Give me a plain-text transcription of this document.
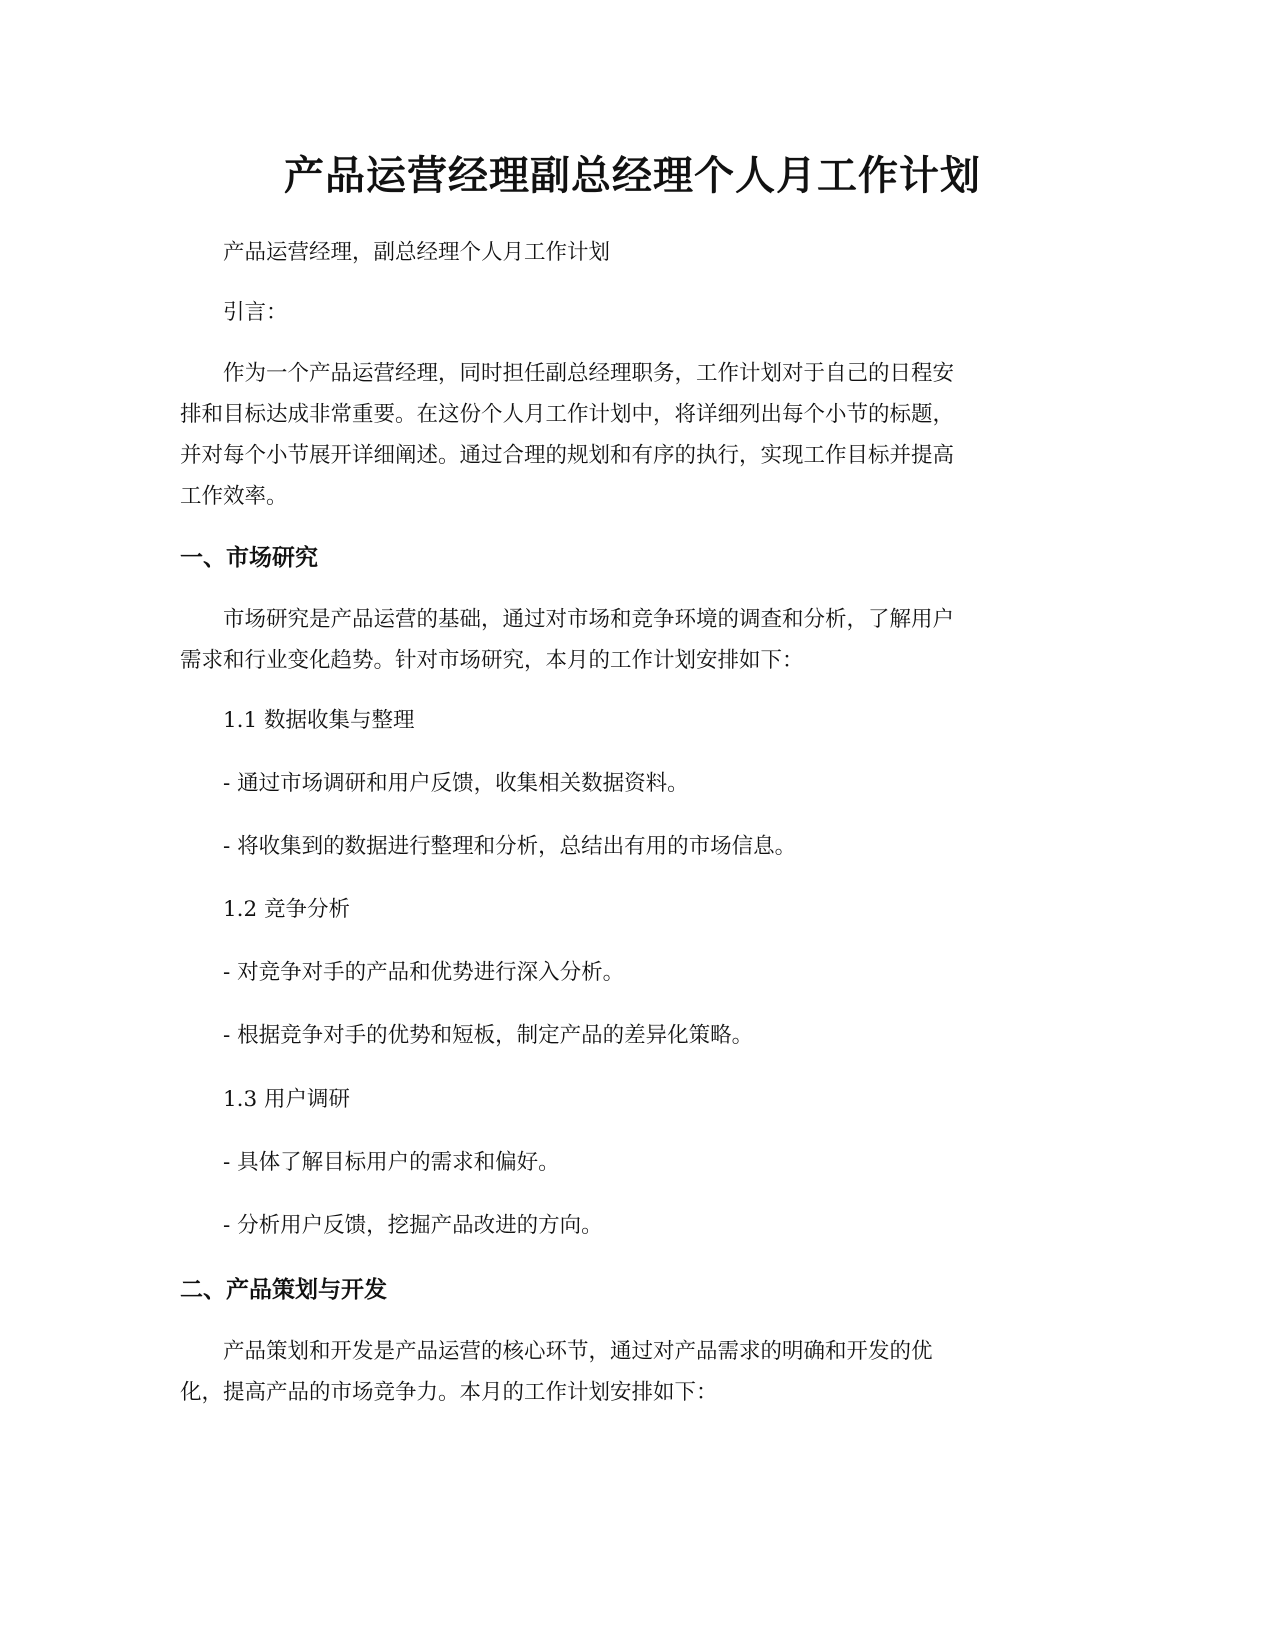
产品运营经理副总经理个人月工作计划

产品运营经理，副总经理个人月工作计划

引言：

作为一个产品运营经理，同时担任副总经理职务，工作计划对于自己的日程安
排和目标达成非常重要。在这份个人月工作计划中，将详细列出每个小节的标题，
并对每个小节展开详细阐述。通过合理的规划和有序的执行，实现工作目标并提高
工作效率。
一、市场研究
市场研究是产品运营的基础，通过对市场和竞争环境的调查和分析，了解用户
需求和行业变化趋势。针对市场研究，本月的工作计划安排如下：

1.1 数据收集与整理

- 通过市场调研和用户反馈，收集相关数据资料。

- 将收集到的数据进行整理和分析，总结出有用的市场信息。

1.2 竞争分析

- 对竞争对手的产品和优势进行深入分析。

- 根据竞争对手的优势和短板，制定产品的差异化策略。

1.3 用户调研

- 具体了解目标用户的需求和偏好。

- 分析用户反馈，挖掘产品改进的方向。

二、产品策划与开发
产品策划和开发是产品运营的核心环节，通过对产品需求的明确和开发的优
化，提高产品的市场竞争力。本月的工作计划安排如下：
